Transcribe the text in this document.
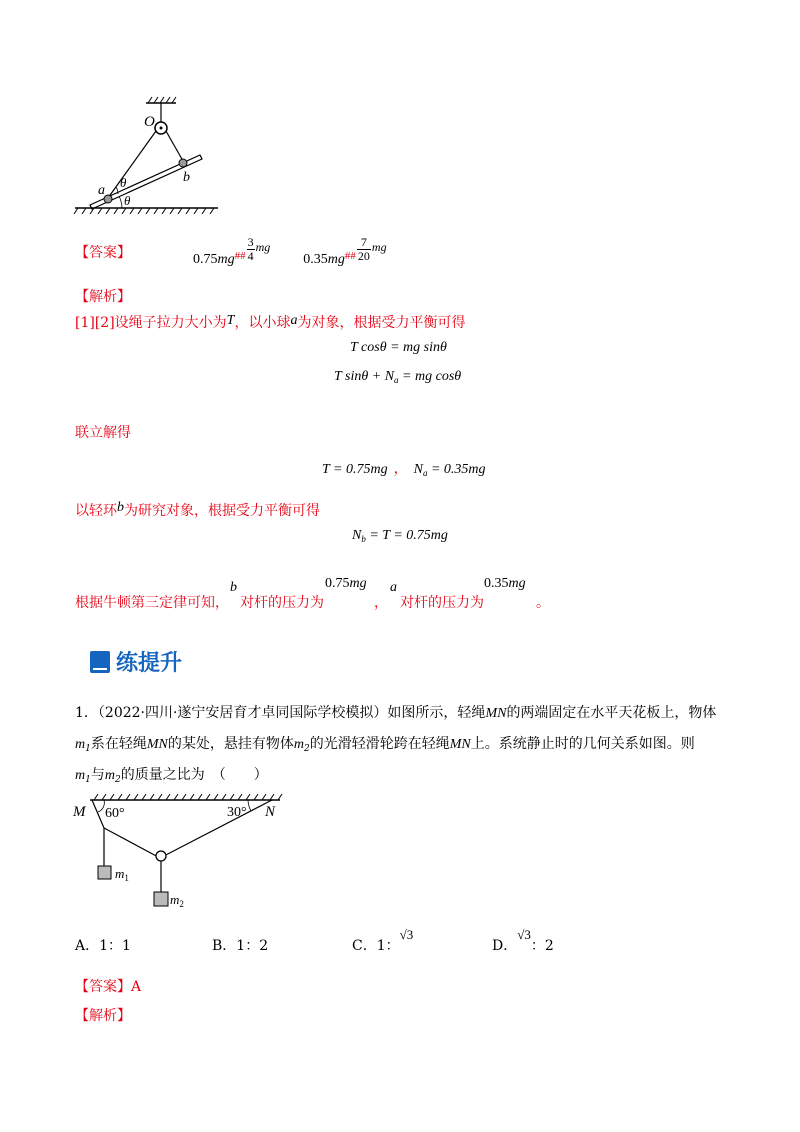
O
a
b
θ
θ
【答案】	$0.75mg_{\#\#} \frac{3}{4}$ mg  $0.35mg_{\#\#} \frac{7}{20}$ mg
【解析】
[1][2]设绳子拉力大小为T，以小球a为对象，根据受力平衡可得
T cosθ = mg sinθ
T $\sin\theta + N_a$ = mg cosθ
联立解得
T = 0.75mg ， $N_a = 0.35mg$
以轻环b为研究对象，根据受力平衡可得
$N_b = T = 0.75mg$
根据牛顿第三定律可知，
b
对杆的压力为
0.75mg
，
a
对杆的压力为
0.35mg
。
练提升
1．（2022·四川·遂宁安居育才卓同国际学校模拟）如图所示，轻绳MN的两端固定在水平天花板上，物体
$m_1$系在轻绳MN的某处，悬挂有物体$m_2$的光滑轻滑轮跨在轻绳MN上。系统静止时的几何关系如图。则
$m_1$与$m_2$的质量之比为　（　　）
M 60°	30° N
$m_1$
$m_2$
A．1：1	B．1：2	C．1：√3
D．√3：2
【答案】A
【解析】
